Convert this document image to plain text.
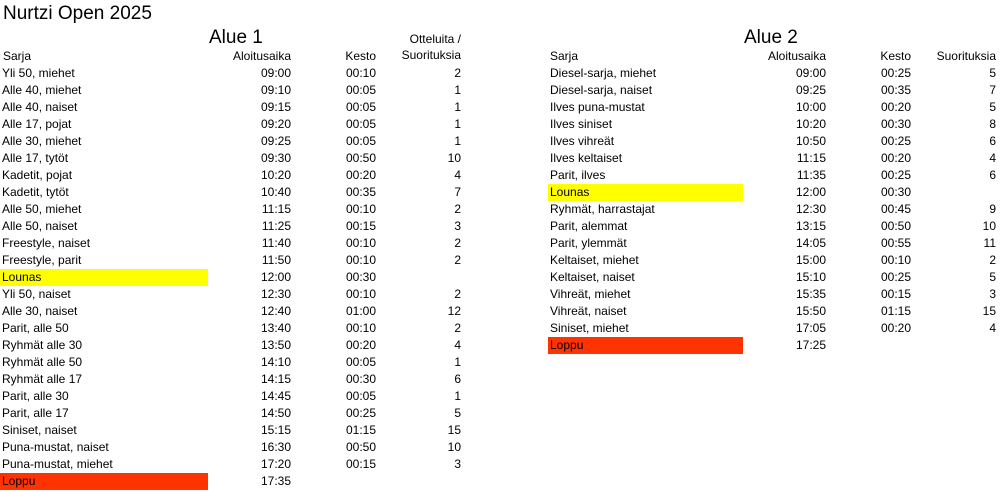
Nurtzi Open 2025
Alue 1
Sarja	Aloitusaika	Kesto
Otteluita /
Suorituksia
Yli 50, miehet	09:00	00:10	2
Alle 40, miehet	09:10	00:05	1
Alle 40, naiset	09:15	00:05	1
Alle 17, pojat	09:20	00:05	1
Alle 30, miehet	09:25	00:05	1
Alle 17, tytöt	09:30	00:50	10
Kadetit, pojat	10:20	00:20	4
Kadetit, tytöt	10:40	00:35	7
Alle 50, miehet	11:15	00:10	2
Alle 50, naiset	11:25	00:15	3
Freestyle, naiset	11:40	00:10	2
Freestyle, parit	11:50	00:10	2
Lounas	12:00	00:30
Yli 50, naiset	12:30	00:10	2
Alle 30, naiset	12:40	01:00	12
Parit, alle 50	13:40	00:10	2
Ryhmät alle 30	13:50	00:20	4
Ryhmät alle 50	14:10	00:05	1
Ryhmät alle 17	14:15	00:30	6
Parit, alle 30	14:45	00:05	1
Parit, alle 17	14:50	00:25	5
Siniset, naiset	15:15	01:15	15
Puna-mustat, naiset	16:30	00:50	10
Puna-mustat, miehet	17:20	00:15	3
Loppu	17:35
Alue 2
Sarja	Aloitusaika	Kesto	Suorituksia
Diesel-sarja, miehet	09:00	00:25	5
Diesel-sarja, naiset	09:25	00:35	7
Ilves puna-mustat	10:00	00:20	5
Ilves siniset	10:20	00:30	8
Ilves vihreät	10:50	00:25	6
Ilves keltaiset	11:15	00:20	4
Parit, ilves	11:35	00:25	6
Lounas	12:00	00:30
Ryhmät, harrastajat	12:30	00:45	9
Parit, alemmat	13:15	00:50	10
Parit, ylemmät	14:05	00:55	11
Keltaiset, miehet	15:00	00:10	2
Keltaiset, naiset	15:10	00:25	5
Vihreät, miehet	15:35	00:15	3
Vihreät, naiset	15:50	01:15	15
Siniset, miehet	17:05	00:20	4
Loppu	17:25
